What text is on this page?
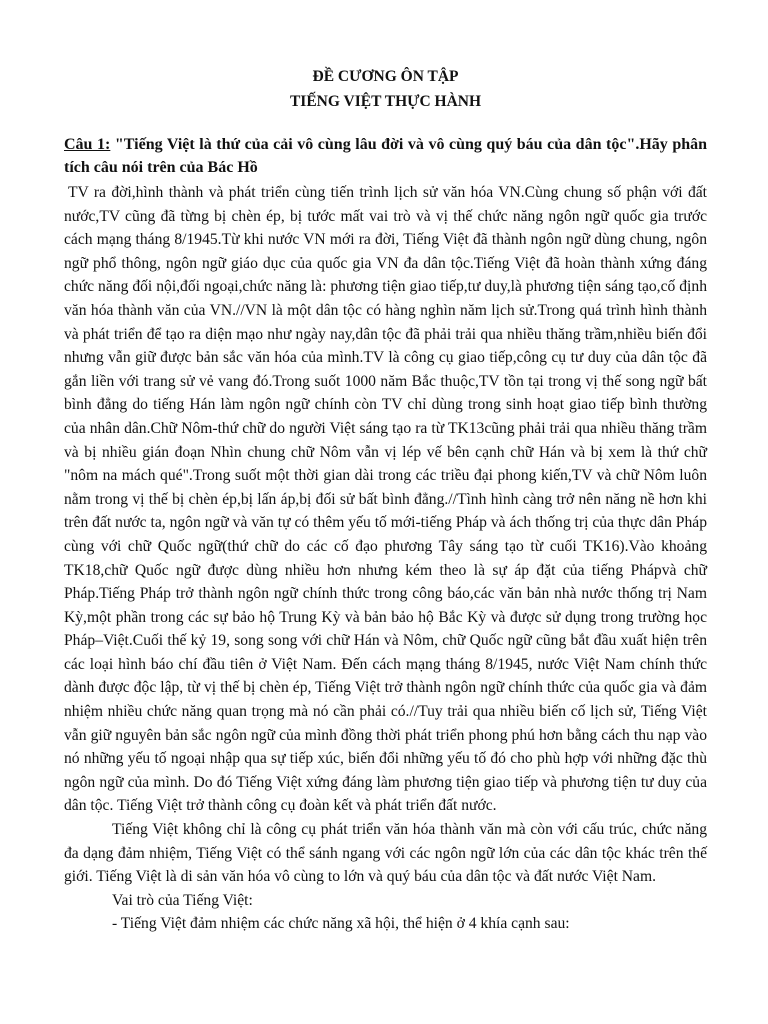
ĐỀ CƯƠNG ÔN TẬP
TIẾNG VIỆT THỰC HÀNH
Câu 1: "Tiếng Việt là thứ của cải vô cùng lâu đời và vô cùng quý báu của dân tộc".Hãy phân tích câu nói trên của Bác Hồ

TV ra đời,hình thành và phát triển cùng tiến trình lịch sử văn hóa VN.Cùng chung số phận với đất nước,TV cũng đã từng bị chèn ép, bị tước mất vai trò và vị thế chức năng ngôn ngữ quốc gia trước cách mạng tháng 8/1945.Từ khi nước VN mới ra đời, Tiếng Việt đã thành ngôn ngữ dùng chung, ngôn ngữ phổ thông, ngôn ngữ giáo dục của quốc gia VN đa dân tộc.Tiếng Việt đã hoàn thành xứng đáng chức năng đối nội,đối ngoại,chức năng là: phương tiện giao tiếp,tư duy,là phương tiện sáng tạo,cố định văn hóa thành văn của VN.//VN là một dân tộc có hàng nghìn năm lịch sử.Trong quá trình hình thành và phát triển để tạo ra diện mạo như ngày nay,dân tộc đã phải trải qua nhiều thăng trầm,nhiều biến đổi nhưng vẫn giữ được bản sắc văn hóa của mình.TV là công cụ giao tiếp,công cụ tư duy của dân tộc đã gắn liền với trang sử vẻ vang đó.Trong suốt 1000 năm Bắc thuộc,TV tồn tại trong vị thế song ngữ bất bình đẳng do tiếng Hán làm ngôn ngữ chính còn TV chỉ dùng trong sinh hoạt giao tiếp bình thường của nhân dân.Chữ Nôm-thứ chữ do người Việt sáng tạo ra từ TK13cũng phải trải qua nhiều thăng trầm và bị nhiều gián đoạn Nhìn chung chữ Nôm vẫn vị lép vế bên cạnh chữ Hán và bị xem là thứ chữ "nôm na mách qué".Trong suốt một thời gian dài trong các triều đại phong kiến,TV và chữ Nôm luôn nằm trong vị thế bị chèn ép,bị lấn áp,bị đối sử bất bình đẳng.//Tình hình càng trở nên năng nề hơn khi trên đất nước ta, ngôn ngữ và văn tự có thêm yếu tố mới-tiếng Pháp và ách thống trị của thực dân Pháp cùng với chữ Quốc ngữ(thứ chữ do các cố đạo phương Tây sáng tạo từ cuối TK16).Vào khoảng TK18,chữ Quốc ngữ được dùng nhiều hơn nhưng kém theo là sự áp đặt của tiếng Phápvà chữ Pháp.Tiếng Pháp trở thành ngôn ngữ chính thức trong công báo,các văn bản nhà nước thống trị Nam Kỳ,một phần trong các sự bảo hộ Trung Kỳ và bản bảo hộ Bắc Kỳ và được sử dụng trong trường học Pháp–Việt.Cuối thế kỷ 19, song song với chữ Hán và Nôm, chữ Quốc ngữ cũng bắt đầu xuất hiện trên các loại hình báo chí đầu tiên ở Việt Nam. Đến cách mạng tháng 8/1945, nước Việt Nam chính thức dành được độc lập, từ vị thế bị chèn ép, Tiếng Việt trở thành ngôn ngữ chính thức của quốc gia và đảm nhiệm nhiều chức năng quan trọng mà nó cần phải có.//Tuy trải qua nhiều biến cố lịch sử, Tiếng Việt vẫn giữ nguyên bản sắc ngôn ngữ của mình đồng thời phát triển phong phú hơn bằng cách thu nạp vào nó những yếu tố ngoại nhập qua sự tiếp xúc, biến đổi những yếu tố đó cho phù hợp với những đặc thù ngôn ngữ của mình. Do đó Tiếng Việt xứng đáng làm phương tiện giao tiếp và phương tiện tư duy của dân tộc. Tiếng Việt trở thành công cụ đoàn kết và phát triển đất nước.

Tiếng Việt không chỉ là công cụ phát triển văn hóa thành văn mà còn với cấu trúc, chức năng đa dạng đảm nhiệm, Tiếng Việt có thể sánh ngang với các ngôn ngữ lớn của các dân tộc khác trên thế giới. Tiếng Việt là di sản văn hóa vô cùng to lớn và quý báu của dân tộc và đất nước Việt Nam.

Vai trò của Tiếng Việt:

- Tiếng Việt đảm nhiệm các chức năng xã hội, thể hiện ở 4 khía cạnh sau:
